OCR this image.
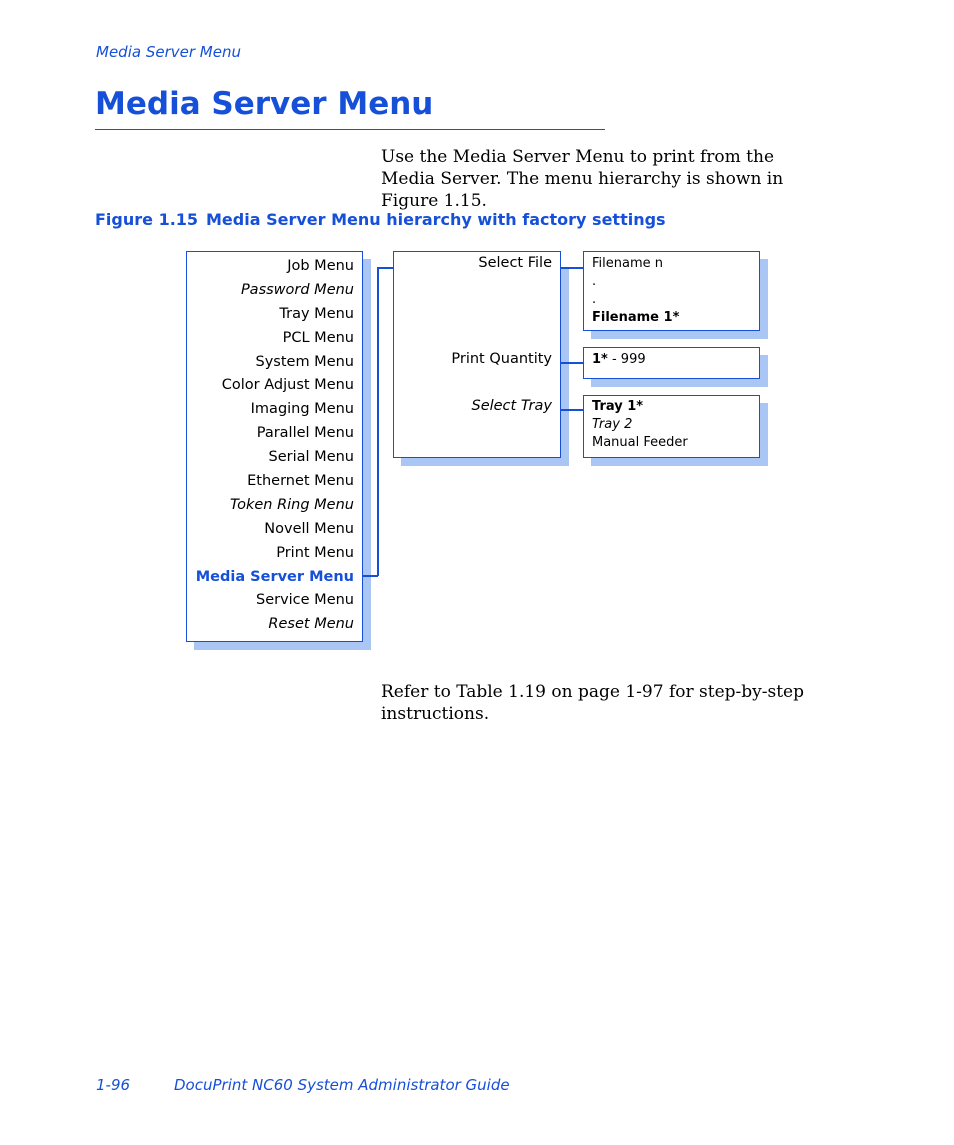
Media Server Menu
Media Server Menu
Use the Media Server Menu to print from the Media Server. The menu hierarchy is shown in Figure 1.15.
Figure 1.15 Media Server Menu hierarchy with factory settings
Job Menu
Password Menu
Tray Menu
PCL Menu
System Menu
Color Adjust Menu
Imaging Menu
Parallel Menu
Serial Menu
Ethernet Menu
Token Ring Menu
Novell Menu
Print Menu
Media Server Menu
Service Menu
Reset Menu
Select File
Print Quantity
Select Tray
Filename n
.
.
Filename 1*
1* - 999
Tray 1*
Tray 2
Manual Feeder
Refer to Table 1.19 on page 1-97 for step-by-step instructions.
1-96	DocuPrint NC60 System Administrator Guide
